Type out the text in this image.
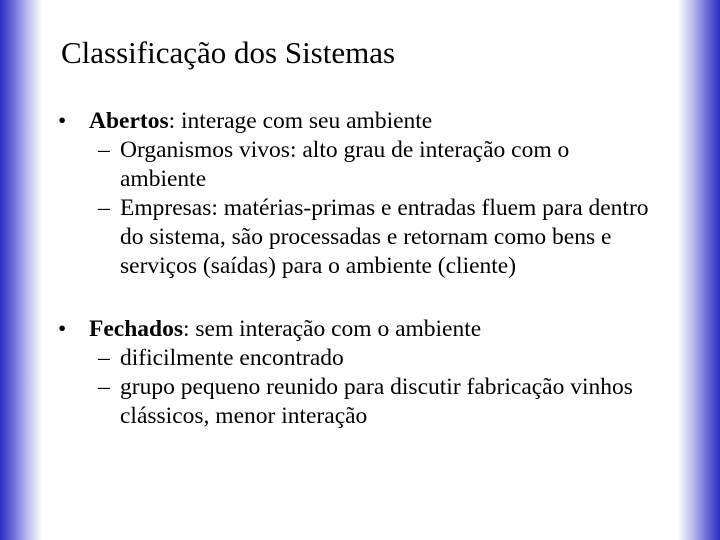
Classificação dos Sistemas
• Abertos: interage com seu ambiente
– Organismos vivos: alto grau de interação com o ambiente
– Empresas: matérias-primas e entradas fluem para dentro do sistema, são processadas e retornam como bens e serviços (saídas) para o ambiente (cliente)
• Fechados: sem interação com o ambiente
– dificilmente encontrado
– grupo pequeno reunido para discutir fabricação vinhos clássicos, menor interação
